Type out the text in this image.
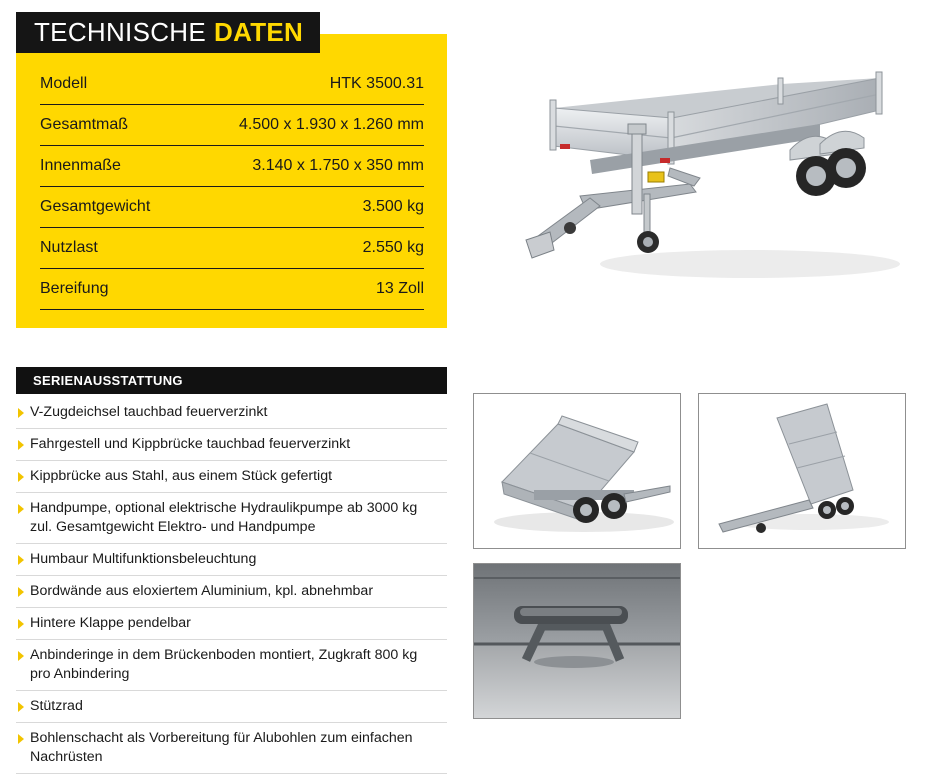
TECHNISCHE DATEN
Modell	HTK 3500.31
Gesamtmaß	4.500 x 1.930 x 1.260 mm
Innenmaße	3.140 x 1.750 x 350 mm
Gesamtgewicht	3.500 kg
Nutzlast	2.550 kg
Bereifung	13 Zoll
SERIENAUSSTATTUNG
V-Zugdeichsel tauchbad feuerverzinkt
Fahrgestell und Kippbrücke tauchbad feuerverzinkt
Kippbrücke aus Stahl, aus einem Stück gefertigt
Handpumpe, optional elektrische Hydraulikpumpe ab 3000 kg zul. Gesamtgewicht Elektro- und Handpumpe
Humbaur Multifunktionsbeleuchtung
Bordwände aus eloxiertem Aluminium, kpl. abnehmbar
Hintere Klappe pendelbar
Anbinderinge in dem Brückenboden montiert, Zugkraft 800 kg pro Anbindering
Stützrad
Bohlenschacht als Vorbereitung für Alubohlen zum einfachen Nachrüsten
